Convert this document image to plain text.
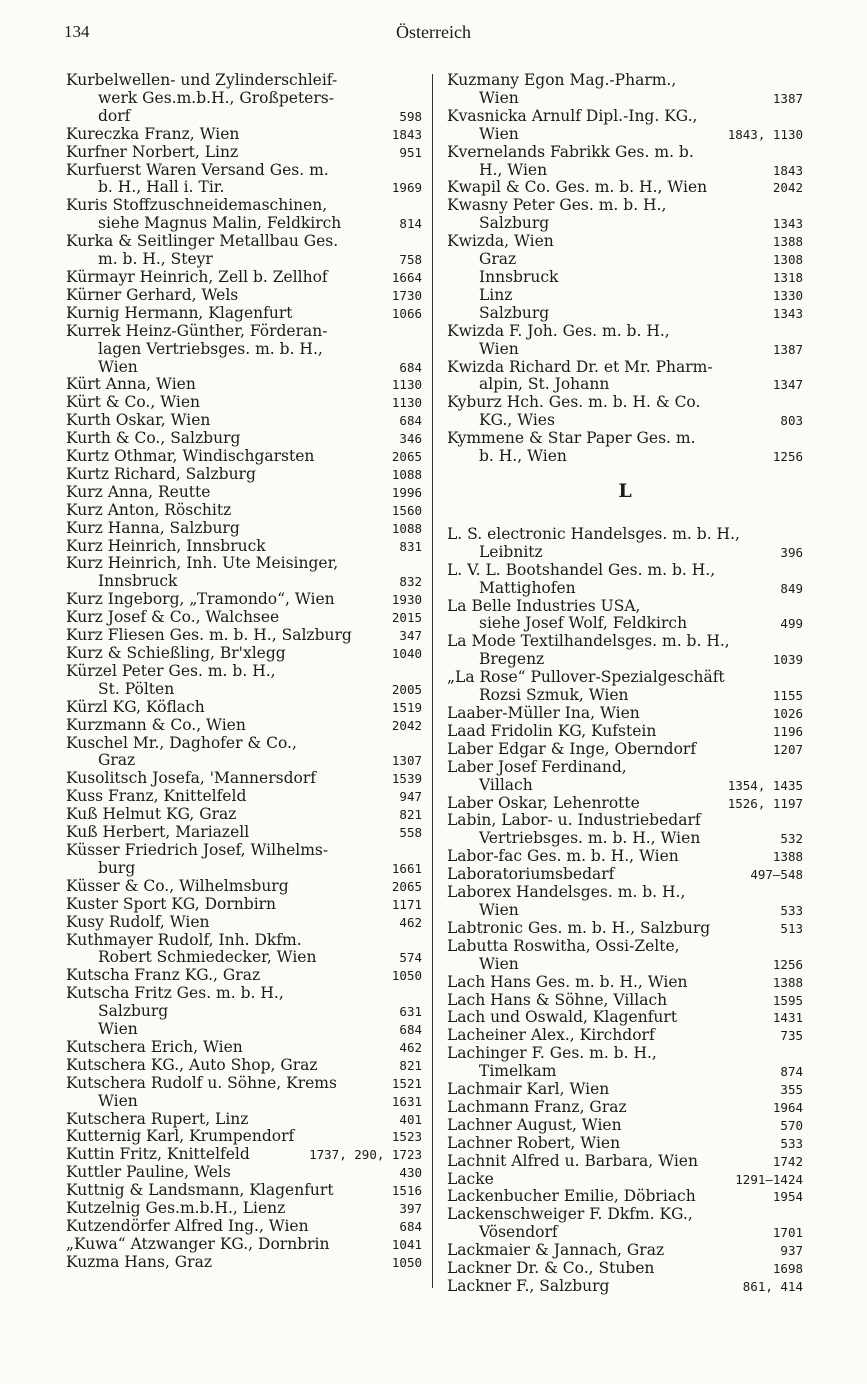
134	Österreich
Kurbelwellen- und Zylinderschleif-
werk Ges.m.b.H., Großpeters-
dorf	598
Kureczka Franz, Wien	1843
Kurfner Norbert, Linz	951
Kurfuerst Waren Versand Ges. m.
b. H., Hall i. Tir.	1969
Kuris Stoffzuschneidemaschinen,
siehe Magnus Malin, Feldkirch	814
Kurka & Seitlinger Metallbau Ges.
m. b. H., Steyr	758
Kürmayr Heinrich, Zell b. Zellhof	1664
Kürner Gerhard, Wels	1730
Kurnig Hermann, Klagenfurt	1066
Kurrek Heinz-Günther, Förderan-
lagen Vertriebsges. m. b. H.,
Wien	684
Kürt Anna, Wien	1130
Kürt & Co., Wien	1130
Kurth Oskar, Wien	684
Kurth & Co., Salzburg	346
Kurtz Othmar, Windischgarsten	2065
Kurtz Richard, Salzburg	1088
Kurz Anna, Reutte	1996
Kurz Anton, Röschitz	1560
Kurz Hanna, Salzburg	1088
Kurz Heinrich, Innsbruck	831
Kurz Heinrich, Inh. Ute Meisinger,
Innsbruck	832
Kurz Ingeborg, „Tramondo“, Wien	1930
Kurz Josef & Co., Walchsee	2015
Kurz Fliesen Ges. m. b. H., Salzburg	347
Kurz & Schießling, Br'xlegg	1040
Kürzel Peter Ges. m. b. H.,
St. Pölten	2005
Kürzl KG, Köflach	1519
Kurzmann & Co., Wien	2042
Kuschel Mr., Daghofer & Co.,
Graz	1307
Kusolitsch Josefa, 'Mannersdorf	1539
Kuss Franz, Knittelfeld	947
Kuß Helmut KG, Graz	821
Kuß Herbert, Mariazell	558
Küsser Friedrich Josef, Wilhelms-
burg	1661
Küsser & Co., Wilhelmsburg	2065
Kuster Sport KG, Dornbirn	1171
Kusy Rudolf, Wien	462
Kuthmayer Rudolf, Inh. Dkfm.
Robert Schmiedecker, Wien	574
Kutscha Franz KG., Graz	1050
Kutscha Fritz Ges. m. b. H.,
Salzburg	631
Wien	684
Kutschera Erich, Wien	462
Kutschera KG., Auto Shop, Graz	821
Kutschera Rudolf u. Söhne, Krems	1521
Wien	1631
Kutschera Rupert, Linz	401
Kutternig Karl, Krumpendorf	1523
Kuttin Fritz, Knittelfeld	1737, 290, 1723
Kuttler Pauline, Wels	430
Kuttnig & Landsmann, Klagenfurt	1516
Kutzelnig Ges.m.b.H., Lienz	397
Kutzendörfer Alfred Ing., Wien	684
„Kuwa“ Atzwanger KG., Dornbrin	1041
Kuzma Hans, Graz	1050
Kuzmany Egon Mag.-Pharm.,
Wien	1387
Kvasnicka Arnulf Dipl.-Ing. KG.,
Wien	1843, 1130
Kvernelands Fabrikk Ges. m. b.
H., Wien	1843
Kwapil & Co. Ges. m. b. H., Wien	2042
Kwasny Peter Ges. m. b. H.,
Salzburg	1343
Kwizda, Wien	1388
Graz	1308
Innsbruck	1318
Linz	1330
Salzburg	1343
Kwizda F. Joh. Ges. m. b. H.,
Wien	1387
Kwizda Richard Dr. et Mr. Pharm-
alpin, St. Johann	1347
Kyburz Hch. Ges. m. b. H. & Co.
KG., Wies	803
Kymmene & Star Paper Ges. m.
b. H., Wien	1256
L
L. S. electronic Handelsges. m. b. H.,
Leibnitz	396
L. V. L. Bootshandel Ges. m. b. H.,
Mattighofen	849
La Belle Industries USA,
siehe Josef Wolf, Feldkirch	499
La Mode Textilhandelsges. m. b. H.,
Bregenz	1039
„La Rose“ Pullover-Spezialgeschäft
Rozsi Szmuk, Wien	1155
Laaber-Müller Ina, Wien	1026
Laad Fridolin KG, Kufstein	1196
Laber Edgar & Inge, Oberndorf	1207
Laber Josef Ferdinand,
Villach	1354, 1435
Laber Oskar, Lehenrotte	1526, 1197
Labin, Labor- u. Industriebedarf
Vertriebsges. m. b. H., Wien	532
Labor-fac Ges. m. b. H., Wien	1388
Laboratoriumsbedarf	497—548
Laborex Handelsges. m. b. H.,
Wien	533
Labtronic Ges. m. b. H., Salzburg	513
Labutta Roswitha, Ossi-Zelte,
Wien	1256
Lach Hans Ges. m. b. H., Wien	1388
Lach Hans & Söhne, Villach	1595
Lach und Oswald, Klagenfurt	1431
Lacheiner Alex., Kirchdorf	735
Lachinger F. Ges. m. b. H.,
Timelkam	874
Lachmair Karl, Wien	355
Lachmann Franz, Graz	1964
Lachner August, Wien	570
Lachner Robert, Wien	533
Lachnit Alfred u. Barbara, Wien	1742
Lacke	1291—1424
Lackenbucher Emilie, Döbriach	1954
Lackenschweiger F. Dkfm. KG.,
Vösendorf	1701
Lackmaier & Jannach, Graz	937
Lackner Dr. & Co., Stuben	1698
Lackner F., Salzburg	861, 414
